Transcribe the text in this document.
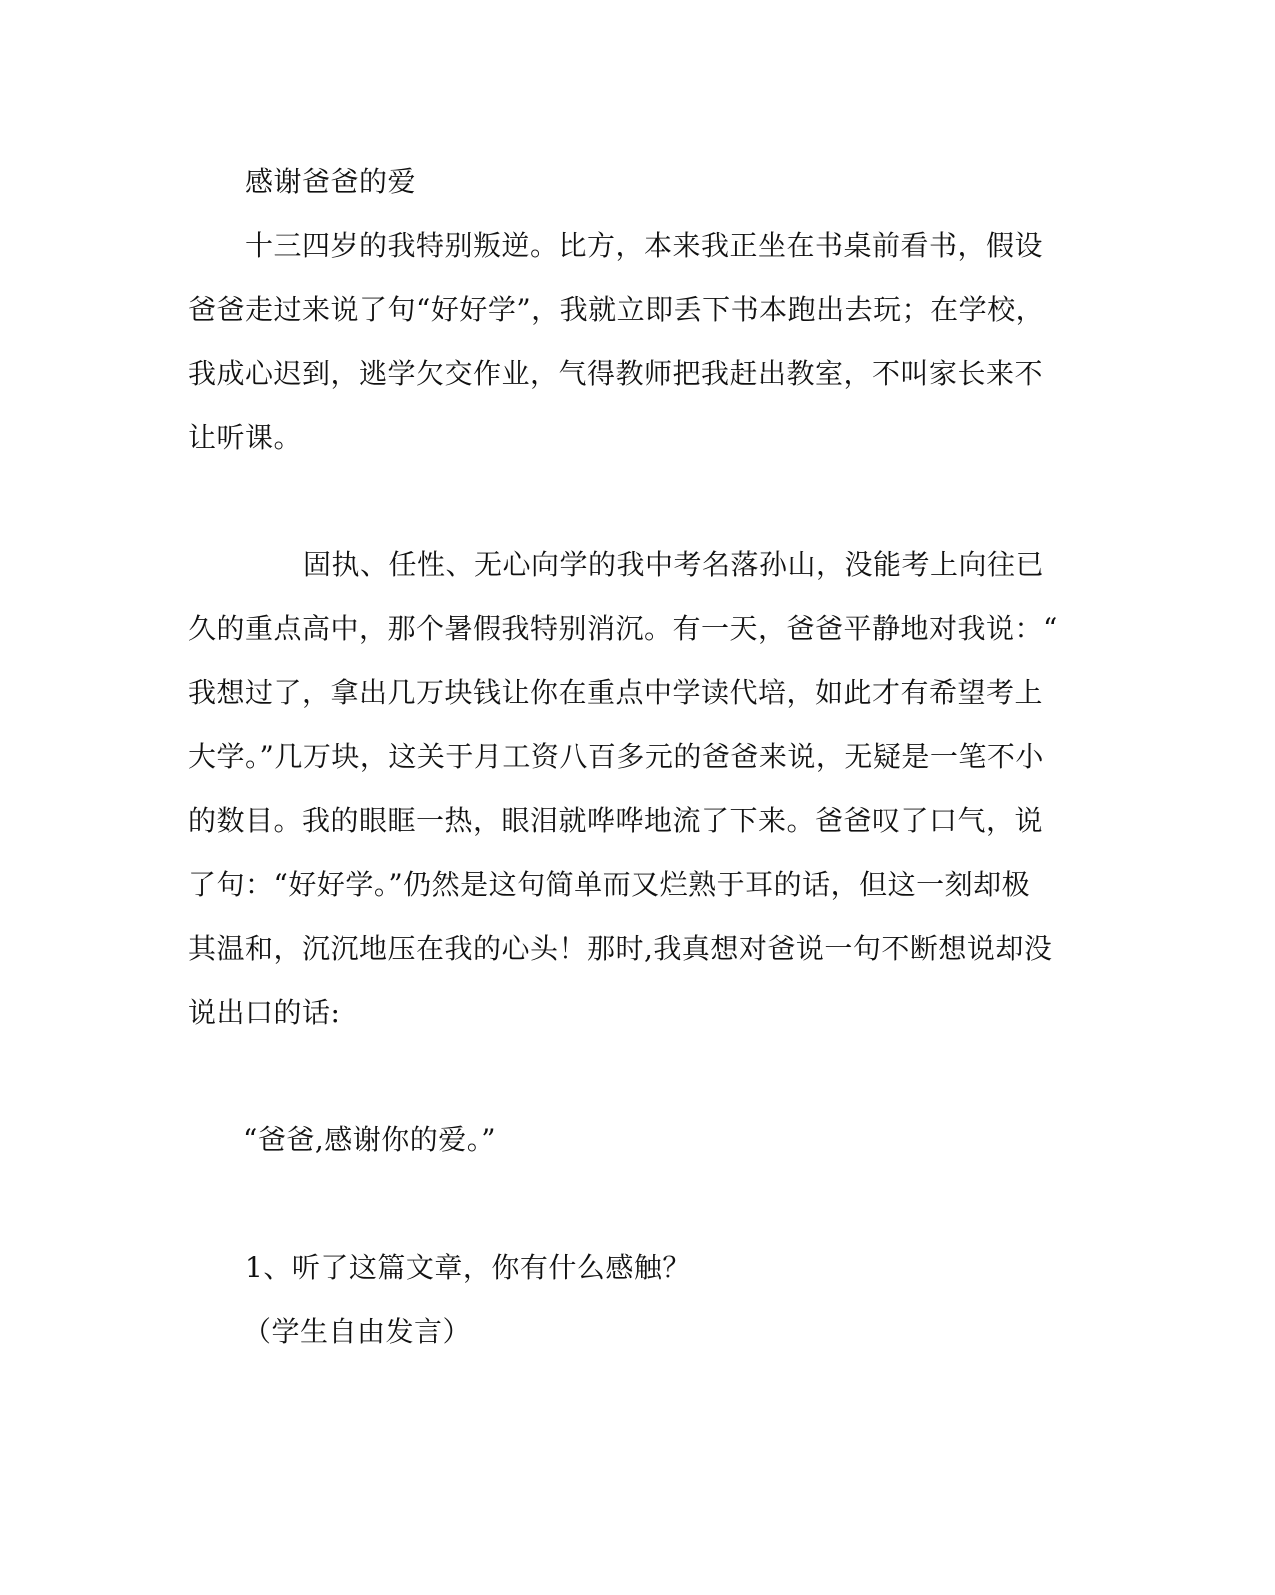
感谢爸爸的爱
十三四岁的我特别叛逆。比方，本来我正坐在书桌前看书，假设
爸爸走过来说了句“好好学”，我就立即丢下书本跑出去玩；在学校，
我成心迟到，逃学欠交作业，气得教师把我赶出教室，不叫家长来不
让听课。
固执、任性、无心向学的我中考名落孙山，没能考上向往已
久的重点高中，那个暑假我特别消沉。有一天，爸爸平静地对我说：“
我想过了，拿出几万块钱让你在重点中学读代培，如此才有希望考上
大学。”几万块，这关于月工资八百多元的爸爸来说，无疑是一笔不小
的数目。我的眼眶一热，眼泪就哗哗地流了下来。爸爸叹了口气，说
了句：“好好学。”仍然是这句简单而又烂熟于耳的话，但这一刻却极
其温和，沉沉地压在我的心头！那时,我真想对爸说一句不断想说却没
说出口的话:
“爸爸,感谢你的爱。”
1、听了这篇文章，你有什么感触？
（学生自由发言）
